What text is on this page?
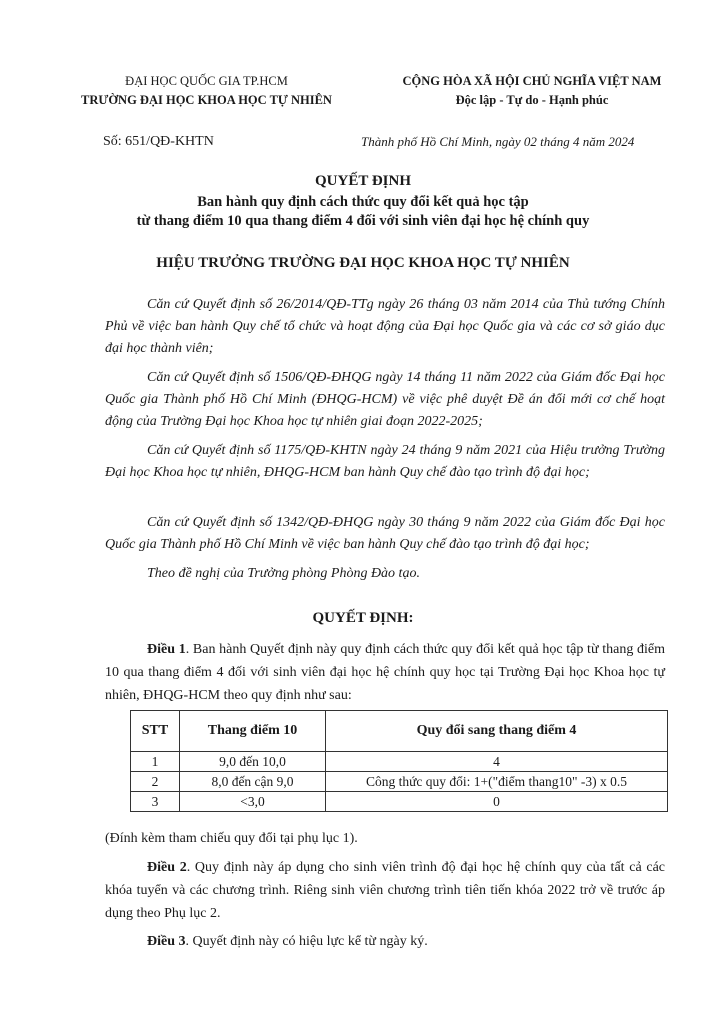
ĐẠI HỌC QUỐC GIA TP.HCM
TRƯỜNG ĐẠI HỌC KHOA HỌC TỰ NHIÊN
CỘNG HÒA XÃ HỘI CHỦ NGHĨA VIỆT NAM
Độc lập - Tự do - Hạnh phúc
Số: 651/QĐ-KHTN	Thành phố Hồ Chí Minh, ngày 02 tháng 4 năm 2024
QUYẾT ĐỊNH
Ban hành quy định cách thức quy đổi kết quả học tập
từ thang điểm 10 qua thang điểm 4 đối với sinh viên đại học hệ chính quy
HIỆU TRƯỞNG TRƯỜNG ĐẠI HỌC KHOA HỌC TỰ NHIÊN
Căn cứ Quyết định số 26/2014/QĐ-TTg ngày 26 tháng 03 năm 2014 của Thủ tướng Chính Phủ về việc ban hành Quy chế tổ chức và hoạt động của Đại học Quốc gia và các cơ sở giáo dục đại học thành viên;
Căn cứ Quyết định số 1506/QĐ-ĐHQG ngày 14 tháng 11 năm 2022 của Giám đốc Đại học Quốc gia Thành phố Hồ Chí Minh (ĐHQG-HCM) về việc phê duyệt Đề án đổi mới cơ chế hoạt động của Trường Đại học Khoa học tự nhiên giai đoạn 2022-2025;
Căn cứ Quyết định số 1175/QĐ-KHTN ngày 24 tháng 9 năm 2021 của Hiệu trưởng Trường Đại học Khoa học tự nhiên, ĐHQG-HCM ban hành Quy chế đào tạo trình độ đại học;
Căn cứ Quyết định số 1342/QĐ-ĐHQG ngày 30 tháng 9 năm 2022 của Giám đốc Đại học Quốc gia Thành phố Hồ Chí Minh về việc ban hành Quy chế đào tạo trình độ đại học;
Theo đề nghị của Trưởng phòng Phòng Đào tạo.
QUYẾT ĐỊNH:
Điều 1. Ban hành Quyết định này quy định cách thức quy đổi kết quả học tập từ thang điểm 10 qua thang điểm 4 đối với sinh viên đại học hệ chính quy học tại Trường Đại học Khoa học tự nhiên, ĐHQG-HCM theo quy định như sau:
STT	Thang điểm 10	Quy đổi sang thang điểm 4
1	9,0 đến 10,0	4
2	8,0 đến cận 9,0	Công thức quy đổi: 1+("điểm thang10" -3) x 0.5
3	<3,0	0
(Đính kèm tham chiếu quy đổi tại phụ lục 1).
Điều 2. Quy định này áp dụng cho sinh viên trình độ đại học hệ chính quy của tất cả các khóa tuyển và các chương trình. Riêng sinh viên chương trình tiên tiến khóa 2022 trở về trước áp dụng theo Phụ lục 2.
Điều 3. Quyết định này có hiệu lực kể từ ngày ký.
